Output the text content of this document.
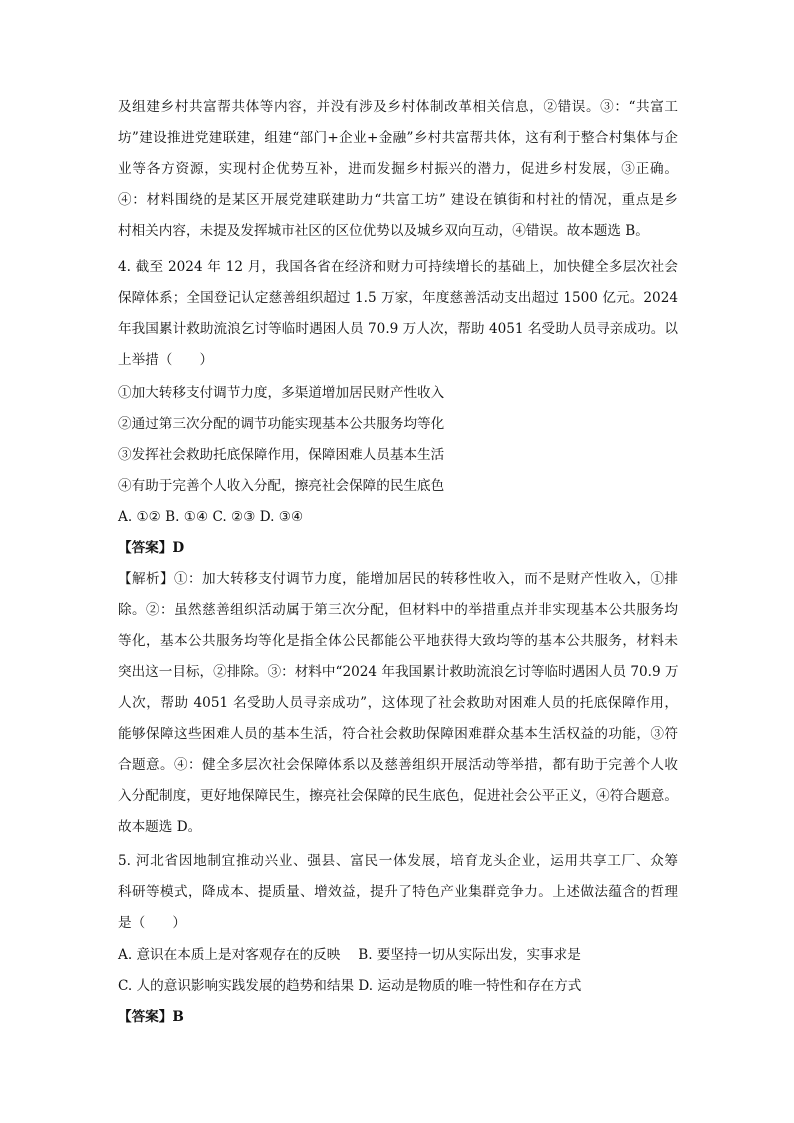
及组建乡村共富帮共体等内容，并没有涉及乡村体制改革相关信息，②错误。③：“共富工
坊”建设推进党建联建，组建“部门+企业+金融”乡村共富帮共体，这有利于整合村集体与企
业等各方资源，实现村企优势互补，进而发掘乡村振兴的潜力，促进乡村发展，③正确。
④：材料围绕的是某区开展党建联建助力“共富工坊” 建设在镇街和村社的情况，重点是乡
村相关内容，未提及发挥城市社区的区位优势以及城乡双向互动，④错误。故本题选 B。
4. 截至 2024 年 12 月，我国各省在经济和财力可持续增长的基础上，加快健全多层次社会
保障体系；全国登记认定慈善组织超过 1.5 万家，年度慈善活动支出超过 1500 亿元。2024
年我国累计救助流浪乞讨等临时遇困人员 70.9 万人次，帮助 4051 名受助人员寻亲成功。以
上举措（　　）
①加大转移支付调节力度，多渠道增加居民财产性收入
②通过第三次分配的调节功能实现基本公共服务均等化
③发挥社会救助托底保障作用，保障困难人员基本生活
④有助于完善个人收入分配，擦亮社会保障的民生底色
A. ①② B. ①④ C. ②③ D. ③④
【答案】D
【解析】①：加大转移支付调节力度，能增加居民的转移性收入，而不是财产性收入，①排
除。②：虽然慈善组织活动属于第三次分配，但材料中的举措重点并非实现基本公共服务均
等化，基本公共服务均等化是指全体公民都能公平地获得大致均等的基本公共服务，材料未
突出这一目标，②排除。③：材料中“2024 年我国累计救助流浪乞讨等临时遇困人员 70.9 万
人次，帮助 4051 名受助人员寻亲成功”，这体现了社会救助对困难人员的托底保障作用，
能够保障这些困难人员的基本生活，符合社会救助保障困难群众基本生活权益的功能，③符
合题意。④：健全多层次社会保障体系以及慈善组织开展活动等举措，都有助于完善个人收
入分配制度，更好地保障民生，擦亮社会保障的民生底色，促进社会公平正义，④符合题意。
故本题选 D。
5. 河北省因地制宜推动兴业、强县、富民一体发展，培育龙头企业，运用共享工厂、众筹
科研等模式，降成本、提质量、增效益，提升了特色产业集群竞争力。上述做法蕴含的哲理
是（　　）
A. 意识在本质上是对客观存在的反映　 B. 要坚持一切从实际出发，实事求是
C. 人的意识影响实践发展的趋势和结果 D. 运动是物质的唯一特性和存在方式
【答案】B
